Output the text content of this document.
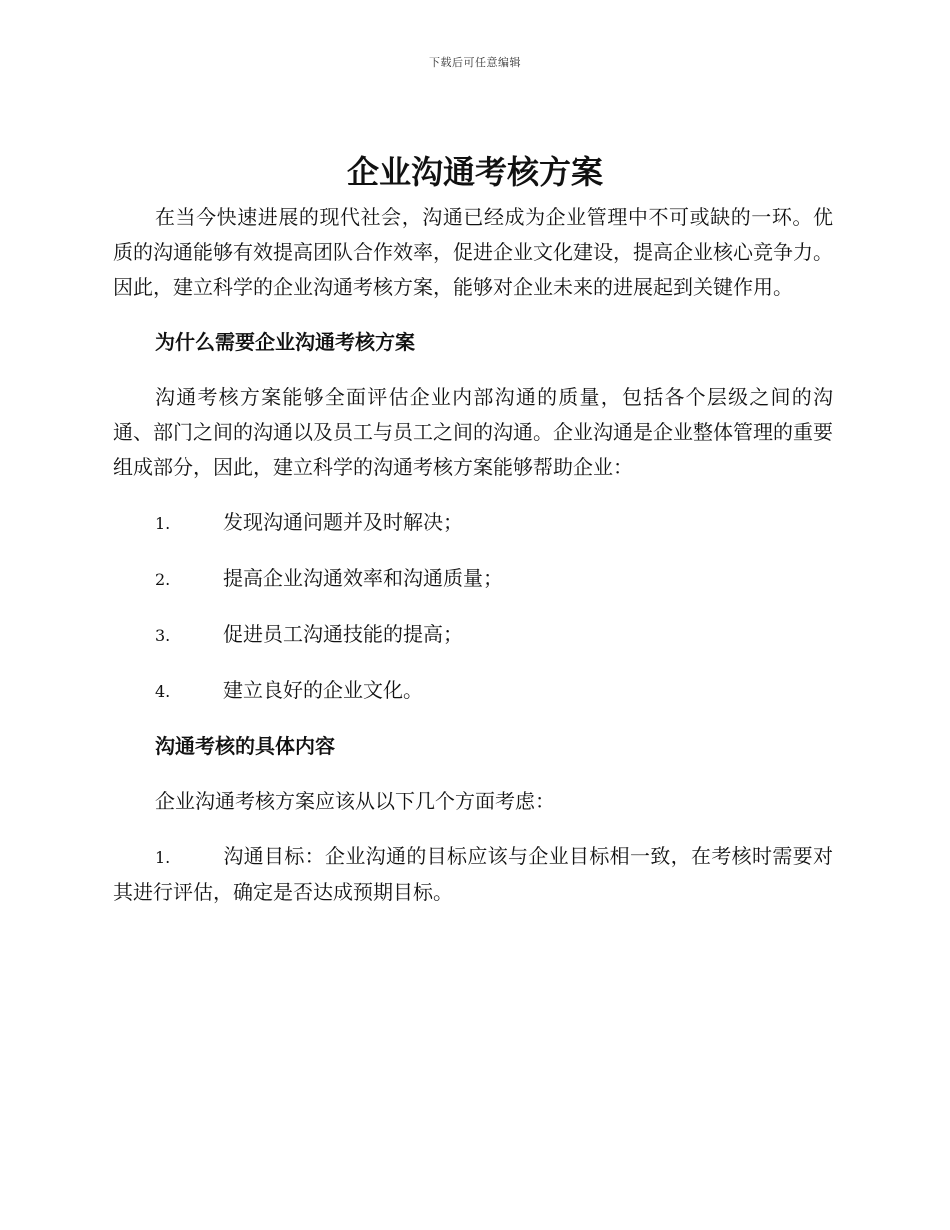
下载后可任意编辑
企业沟通考核方案

在当今快速进展的现代社会，沟通已经成为企业管理中不可或缺的一环。优质的沟通能够有效提高团队合作效率，促进企业文化建设，提高企业核心竞争力。因此，建立科学的企业沟通考核方案，能够对企业未来的进展起到关键作用。

为什么需要企业沟通考核方案

沟通考核方案能够全面评估企业内部沟通的质量，包括各个层级之间的沟通、部门之间的沟通以及员工与员工之间的沟通。企业沟通是企业整体管理的重要组成部分，因此，建立科学的沟通考核方案能够帮助企业：

1.	发现沟通问题并及时解决；
2.	提高企业沟通效率和沟通质量；
3.	促进员工沟通技能的提高；
4.	建立良好的企业文化。
沟通考核的具体内容

企业沟通考核方案应该从以下几个方面考虑：

1.	沟通目标：企业沟通的目标应该与企业目标相一致，在考核时需要对其进行评估，确定是否达成预期目标。
